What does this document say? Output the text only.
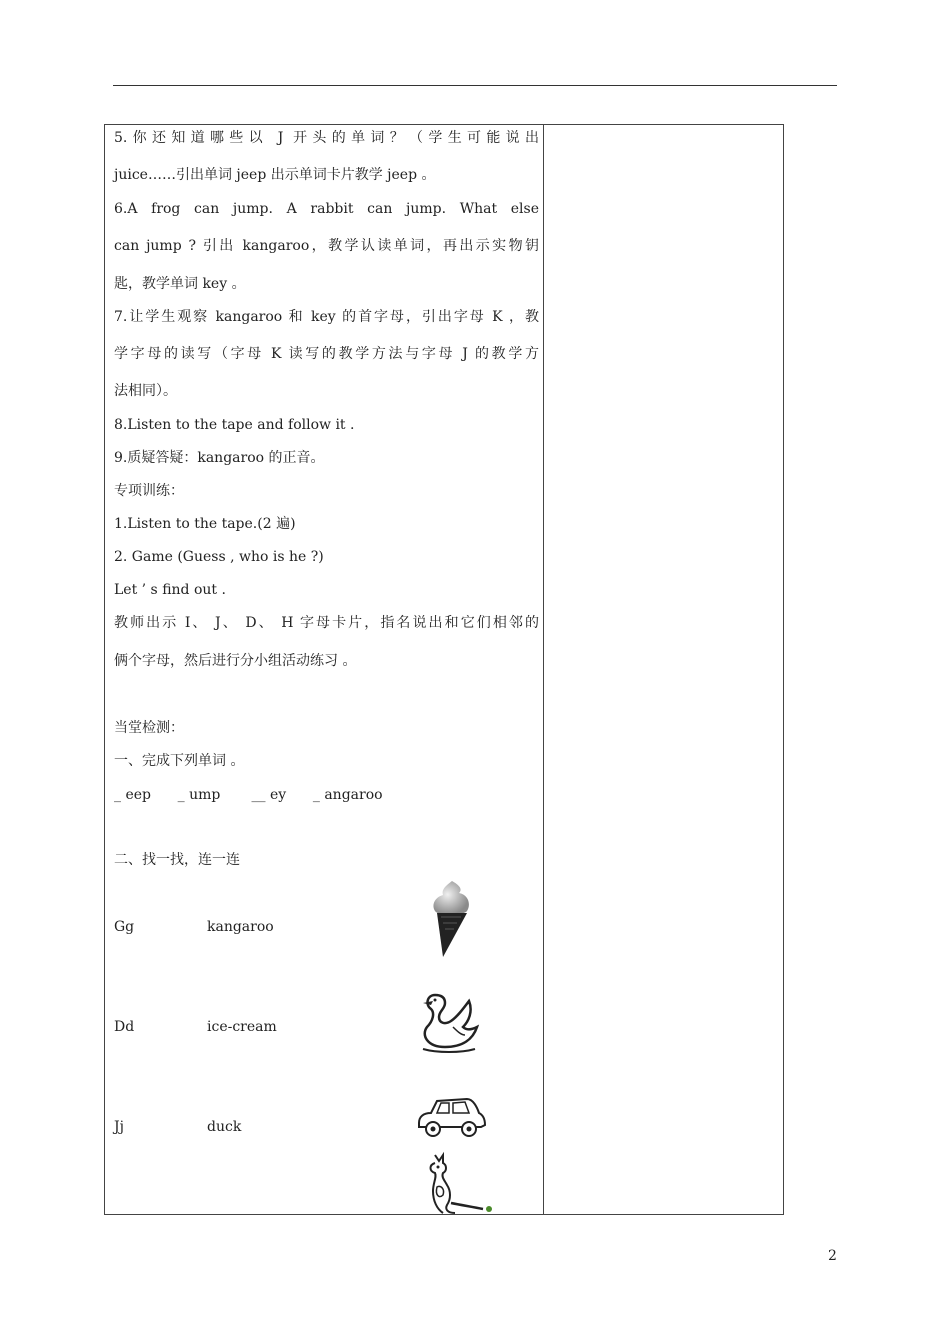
5.你还知道哪些以 J 开头的单词？（学生可能说出
juice……引出单词 jeep 出示单词卡片教学 jeep 。
6.A frog can jump. A rabbit can jump. What else
can jump ? 引出 kangaroo，教学认读单词，再出示实物钥
匙，教学单词 key 。
7.让学生观察 kangaroo 和 key 的首字母，引出字母 K ，教
学字母的读写（字母 K 读写的教学方法与字母 J 的教学方
法相同）。
8.Listen to the tape and follow it .
9.质疑答疑：kangaroo 的正音。
专项训练：
1.Listen to the tape.(2 遍)
2. Game (Guess , who is he ?)
Let ’ s find out .
教师出示 I、 J、 D、 H 字母卡片，指名说出和它们相邻的
俩个字母，然后进行分小组活动练习 。
当堂检测：
一、完成下列单词 。
_ eep      _ ump       __ ey      _ angaroo
二、找一找，连一连
Gg	kangaroo
Dd	ice-cream
Jj	duck
2
